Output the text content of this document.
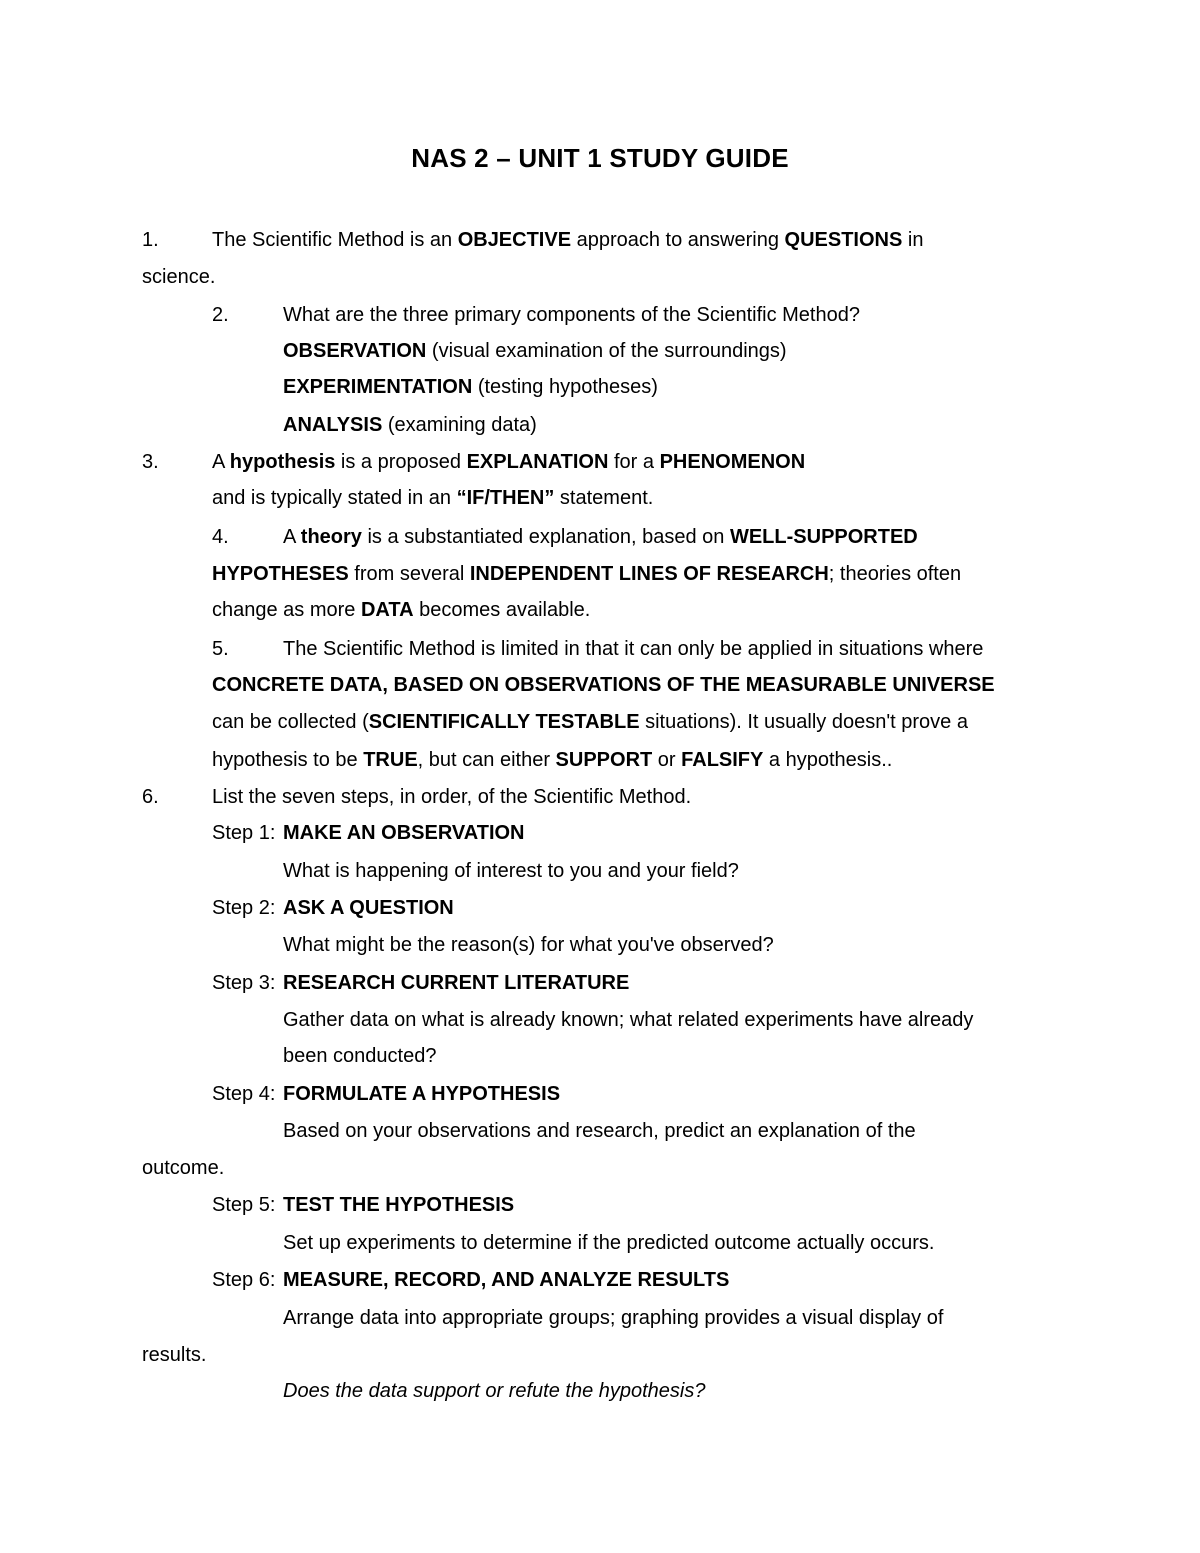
NAS 2 – UNIT 1 STUDY GUIDE
1.	The Scientific Method is an OBJECTIVE approach to answering QUESTIONS in
science.
2.	What are the three primary components of the Scientific Method?
OBSERVATION (visual examination of the surroundings)
EXPERIMENTATION (testing hypotheses)
ANALYSIS (examining data)
3.	A hypothesis is a proposed EXPLANATION for a PHENOMENON
and is typically stated in an “IF/THEN” statement.
4.	A theory is a substantiated explanation, based on WELL-SUPPORTED
HYPOTHESES from several INDEPENDENT LINES OF RESEARCH; theories often
change as more DATA becomes available.
5.	The Scientific Method is limited in that it can only be applied in situations where
CONCRETE DATA, BASED ON OBSERVATIONS OF THE MEASURABLE UNIVERSE
can be collected (SCIENTIFICALLY TESTABLE situations). It usually doesn't prove a
hypothesis to be TRUE, but can either SUPPORT or FALSIFY a hypothesis..
6.	List the seven steps, in order, of the Scientific Method.
Step 1: MAKE AN OBSERVATION
What is happening of interest to you and your field?
Step 2: ASK A QUESTION
What might be the reason(s) for what you've observed?
Step 3: RESEARCH CURRENT LITERATURE
Gather data on what is already known; what related experiments have already
been conducted?
Step 4: FORMULATE A HYPOTHESIS
Based on your observations and research, predict an explanation of the
outcome.
Step 5: TEST THE HYPOTHESIS
Set up experiments to determine if the predicted outcome actually occurs.
Step 6: MEASURE, RECORD, AND ANALYZE RESULTS
Arrange data into appropriate groups; graphing provides a visual display of
results.
Does the data support or refute the hypothesis?
